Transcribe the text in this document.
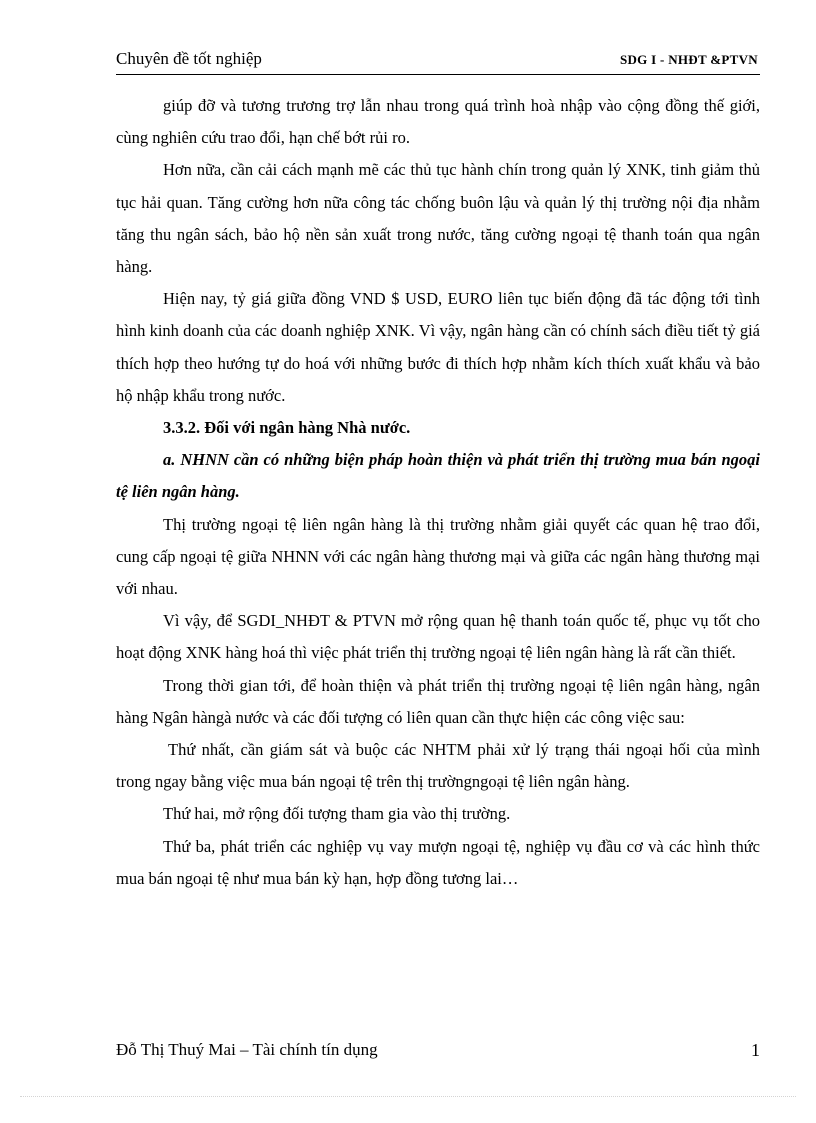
Chuyên đề tốt nghiệp	SDG I - NHĐT &PTVN

giúp đỡ và tương trương trợ lẫn nhau trong quá trình hoà nhập vào cộng đồng thế giới, cùng nghiên cứu trao đổi, hạn chế bớt rủi ro.

Hơn nữa, cần cải cách mạnh mẽ các thủ tục hành chín trong quản lý XNK, tinh giảm thủ tục hải quan. Tăng cường hơn nữa công tác chống buôn lậu và quản lý thị trường nội địa nhằm tăng thu ngân sách, bảo hộ nền sản xuất trong nước, tăng cường ngoại tệ thanh toán qua ngân hàng.

Hiện nay, tỷ giá giữa đồng VND $ USD, EURO liên tục biến động đã tác động tới tình hình kinh doanh của các doanh nghiệp XNK. Vì vậy, ngân hàng cần có chính sách điều tiết tỷ giá thích hợp theo hướng tự do hoá với những bước đi thích hợp nhằm kích thích xuất khẩu và bảo hộ nhập khẩu trong nước.

3.3.2. Đối với ngân hàng Nhà nước.

a. NHNN cần có những biện pháp hoàn thiện và phát triển thị trường mua bán ngoại tệ liên ngân hàng.

Thị trường ngoại tệ liên ngân hàng là thị trường nhằm giải quyết các quan hệ trao đổi, cung cấp ngoại tệ giữa NHNN với các ngân hàng thương mại và giữa các ngân hàng thương mại với nhau.

Vì vậy, để SGDI_NHĐT & PTVN mở rộng quan hệ thanh toán quốc tế, phục vụ tốt cho hoạt động XNK hàng hoá thì việc phát triển thị trường ngoại tệ liên ngân hàng là rất cần thiết.

Trong thời gian tới, để hoàn thiện và phát triển thị trường ngoại tệ liên ngân hàng, ngân hàng Ngân hàngà nước và các đối tượng có liên quan cần thực hiện các công việc sau:

Thứ nhất, cần giám sát và buộc các NHTM phải xử lý trạng thái ngoại hối của mình trong ngay bằng việc mua bán ngoại tệ trên thị trườngngoại tệ liên ngân hàng.

Thứ hai, mở rộng đối tượng tham gia vào thị trường.

Thứ ba, phát triển các nghiệp vụ vay mượn ngoại tệ, nghiệp vụ đầu cơ và các hình thức mua bán ngoại tệ như mua bán kỳ hạn, hợp đồng tương lai…

Đỗ Thị Thuý Mai – Tài chính tín dụng	1
